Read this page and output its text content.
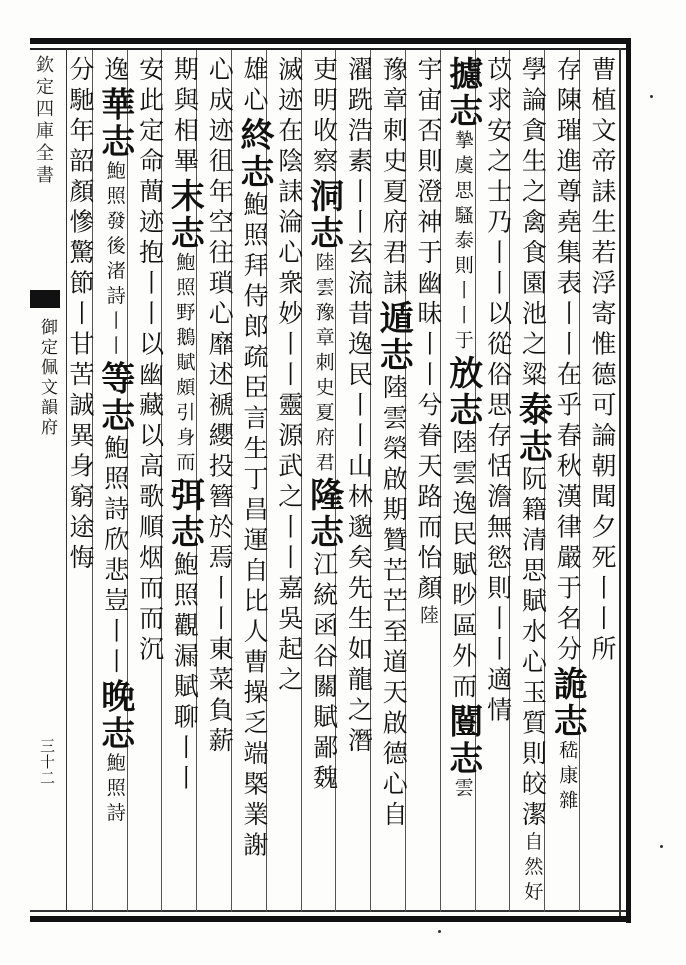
欽定四庫全書
御定佩文韻府
三十二
曹植文帝誄生若浮寄惟德可論朝聞夕死丨丨所
存陳璀進尊堯集表丨丨在乎春秋漢律嚴于名分詭志嵇康雜
學論貪生之禽食園池之粱泰志阮籍清思賦水心玉質則皎潔自然好
苡求安之士乃丨丨以從俗思存恬澹無慾則丨丨適情
攄志摯虞思騷泰則丨丨于放志陸雲逸民賦眇區外而闓志雲
宇宙否則澄神于幽昧丨丨兮眷天路而怡顏陸
豫章刺史夏府君誄遁志陸雲榮啟期贊芒芒至道天啟德心自
濯跣浩素丨丨玄流昔逸民丨丨山林邈矣先生如龍之潛
吏明收察洞志陸雲豫章刺史夏府君隆志江統函谷關賦鄙魏
滅迹在陰誄淪心衆妙丨丨靈源武之丨丨嘉吳起之
雄心終志鮑照拜侍郎疏臣言生丁昌運自比人曹操乏端槩業謝
心成迹徂年空往瑣心靡述褫纓投簪於焉丨丨東菜負薪
期與相畢末志鮑照野鵝賦頗引身而弭志鮑照觀漏賦聊丨丨
安此定命蕳迹抱丨丨以幽藏以高歌順烟而而沉
逸華志鮑照發後渚詩丨丨等志鮑照詩欣悲豈丨丨晚志鮑照詩
分馳年韶顏慘驚節丨甘苦誠異身窮途悔
